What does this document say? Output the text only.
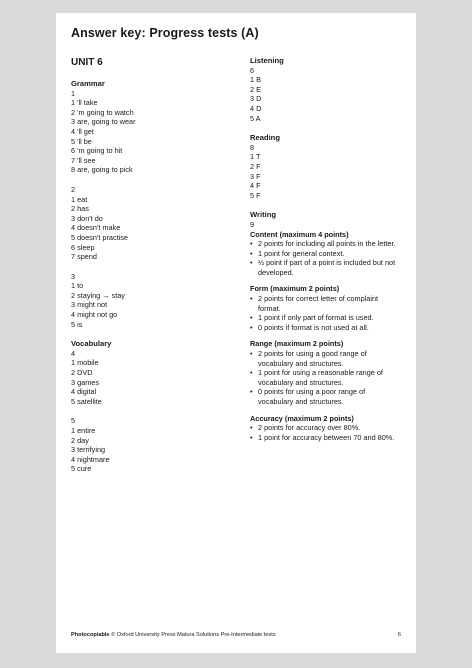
Answer key: Progress tests (A)
UNIT 6
Grammar
1
1 'll take
2 'm going to watch
3 are, going to wear
4 'll get
5 'll be
6 'm going to hit
7 'll see
8 are, going to pick
2
1 eat
2 has
3 don't do
4 doesn't make
5 doesn't practise
6 sleep
7 spend
3
1 to
2 staying → stay
3 might not
4 might not go
5 is
Vocabulary
4
1 mobile
2 DVD
3 games
4 digital
5 satellite
5
1 entire
2 day
3 terrifying
4 nightmare
5 cure
Listening
6
1 B
2 E
3 D
4 D
5 A
Reading
8
1 T
2 F
3 F
4 F
5 F
Writing
9
Content (maximum 4 points)
• 2 points for including all points in the letter.
• 1 point for general context.
• ½ point if part of a point is included but not developed.
Form (maximum 2 points)
• 2 points for correct letter of complaint format.
• 1 point if only part of format is used.
• 0 points if format is not used at all.
Range (maximum 2 points)
• 2 points for using a good range of vocabulary and structures.
• 1 point for using a reasonable range of vocabulary and structures.
• 0 points for using a poor range of vocabulary and structures.
Accuracy (maximum 2 points)
• 2 points for accuracy over 80%.
• 1 point for accuracy between 70 and 80%.
Photocopiable © Oxford University Press Matura Solutions Pre-Intermediate tests	6
